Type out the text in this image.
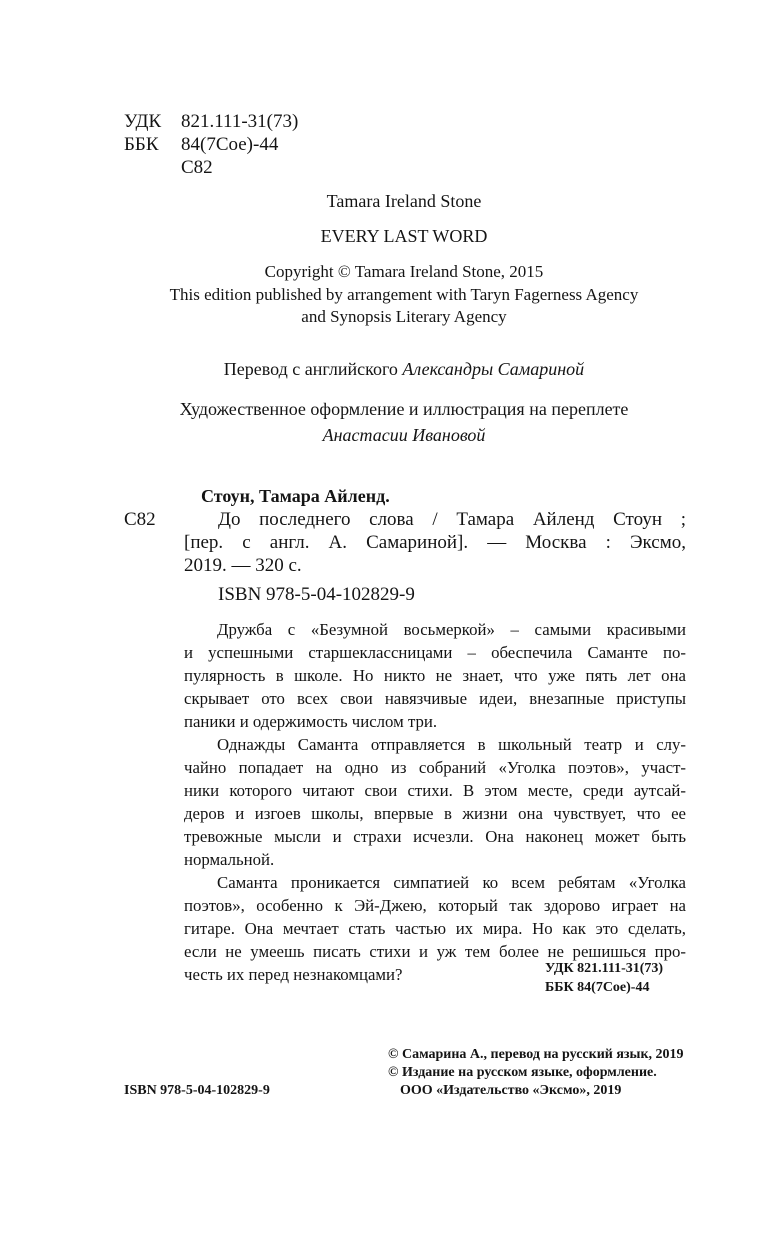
УДК 821.111-31(73)
ББК 84(7Сое)-44
С82
Tamara Ireland Stone
EVERY LAST WORD
Copyright © Tamara Ireland Stone, 2015
This edition published by arrangement with Taryn Fagerness Agency
and Synopsis Literary Agency
Перевод с английского Александры Самариной
Художественное оформление и иллюстрация на переплете
Анастасии Ивановой
Стоун, Тамара Айленд.
С82	До последнего слова / Тамара Айленд Стоун ;
[пер. с англ. А. Самариной]. — Москва : Эксмо,
2019. — 320 с.
ISBN 978-5-04-102829-9
Дружба с «Безумной восьмеркой» – самыми красивыми
и успешными старшеклассницами – обеспечила Саманте по-
пулярность в школе. Но никто не знает, что уже пять лет она
скрывает ото всех свои навязчивые идеи, внезапные приступы
паники и одержимость числом три.
Однажды Саманта отправляется в школьный театр и слу-
чайно попадает на одно из собраний «Уголка поэтов», участ-
ники которого читают свои стихи. В этом месте, среди аутсай-
деров и изгоев школы, впервые в жизни она чувствует, что ее
тревожные мысли и страхи исчезли. Она наконец может быть
нормальной.
Саманта проникается симпатией ко всем ребятам «Уголка
поэтов», особенно к Эй-Джею, который так здорово играет на
гитаре. Она мечтает стать частью их мира. Но как это сделать,
если не умеешь писать стихи и уж тем более не решишься про-
честь их перед незнакомцами?	УДК 821.111-31(73)
ББК 84(7Сое)-44
© Самарина А., перевод на русский язык, 2019
© Издание на русском языке, оформление.
ООО «Издательство «Эксмо», 2019
ISBN 978-5-04-102829-9
